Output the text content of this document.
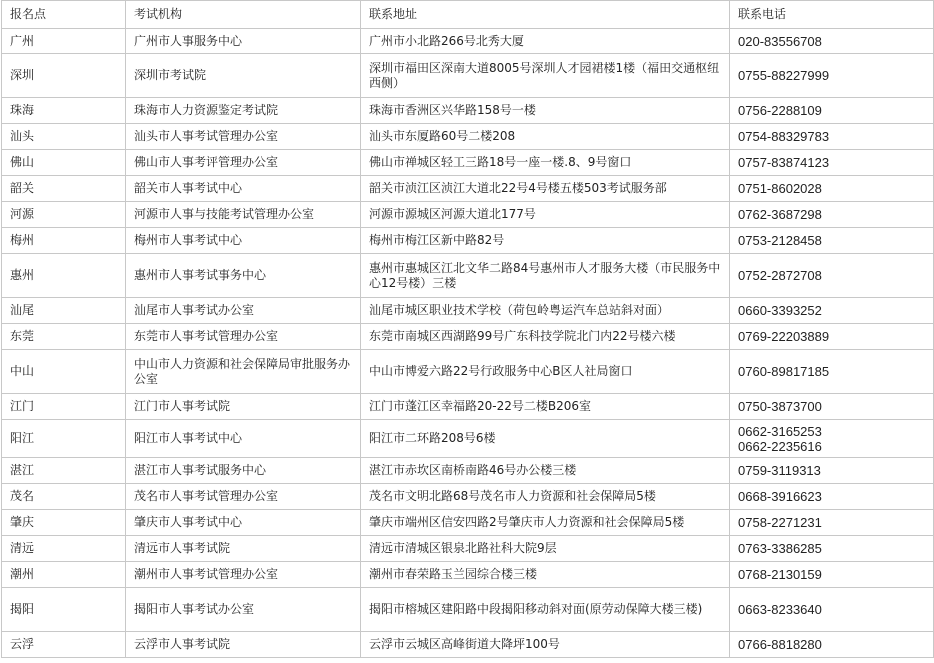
报名点	考试机构	联系地址	联系电话
广州	广州市人事服务中心	广州市小北路266号北秀大厦	020-83556708

深圳	深圳市考试院	深圳市福田区深南大道8005号深圳人才园裙楼1楼（福田交通枢纽西侧）	0755-88227999

珠海	珠海市人力资源鉴定考试院	珠海市香洲区兴华路158号一楼	0756-2288109

汕头	汕头市人事考试管理办公室	汕头市东厦路60号二楼208	0754-88329783

佛山	佛山市人事考评管理办公室	佛山市禅城区轻工三路18号一座一楼.8、9号窗口	0757-83874123

韶关	韶关市人事考试中心	韶关市浈江区浈江大道北22号4号楼五楼503考试服务部	0751-8602028

河源	河源市人事与技能考试管理办公室	河源市源城区河源大道北177号	0762-3687298

梅州	梅州市人事考试中心	梅州市梅江区新中路82号	0753-2128458

惠州	惠州市人事考试事务中心	惠州市惠城区江北文华二路84号惠州市人才服务大楼（市民服务中心12号楼）三楼	0752-2872708

汕尾	汕尾市人事考试办公室	汕尾市城区职业技术学校（荷包岭粤运汽车总站斜对面）	0660-3393252

东莞	东莞市人事考试管理办公室	东莞市南城区西湖路99号广东科技学院北门内22号楼六楼	0769-22203889

中山	中山市人力资源和社会保障局审批服务办公室	中山市博爱六路22号行政服务中心B区人社局窗口	0760-89817185

江门	江门市人事考试院	江门市蓬江区幸福路20-22号二楼B206室	0750-3873700

阳江	阳江市人事考试中心	阳江市二环路208号6楼	0662-3165253
0662-2235616

湛江	湛江市人事考试服务中心	湛江市赤坎区南桥南路46号办公楼三楼	0759-3119313

茂名	茂名市人事考试管理办公室	茂名市文明北路68号茂名市人力资源和社会保障局5楼	0668-3916623

肇庆	肇庆市人事考试中心	肇庆市端州区信安四路2号肇庆市人力资源和社会保障局5楼	0758-2271231

清远	清远市人事考试院	清远市清城区银泉北路社科大院9层	0763-3386285

潮州	潮州市人事考试管理办公室	潮州市春荣路玉兰园综合楼三楼	0768-2130159

揭阳	揭阳市人事考试办公室	揭阳市榕城区建阳路中段揭阳移动斜对面(原劳动保障大楼三楼)	0663-8233640

云浮	云浮市人事考试院	云浮市云城区高峰街道大降坪100号	0766-8818280
